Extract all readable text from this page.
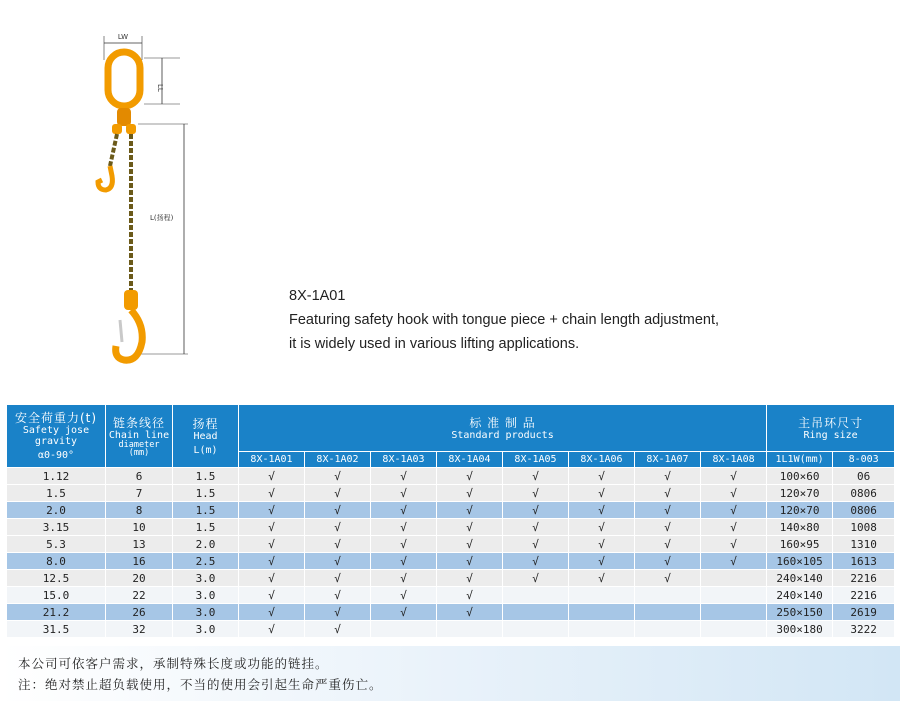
LW
LL
L(扬程)
8X-1A01
Featuring safety hook with tongue piece + chain length adjustment,
it is widely used in various lifting applications.
安全荷重力(t)
Safety jose gravity
α0-90°	链条线径
Chain line
diameter
(mm)	扬程
Head
L(m)	标 准 制 品
Standard products								主吊环尺寸
Ring size	

			8X-1A01	8X-1A02	8X-1A03	8X-1A04	8X-1A05	8X-1A06	8X-1A07	8X-1A08	1L1W(mm)	8-003
1.12	6	1.5	√	√	√	√	√	√	√	√	100×60	06
1.5	7	1.5	√	√	√	√	√	√	√	√	120×70	0806
2.0	8	1.5	√	√	√	√	√	√	√	√	120×70	0806
3.15	10	1.5	√	√	√	√	√	√	√	√	140×80	1008
5.3	13	2.0	√	√	√	√	√	√	√	√	160×95	1310
8.0	16	2.5	√	√	√	√	√	√	√	√	160×105	1613
12.5	20	3.0	√	√	√	√	√	√	√		240×140	2216
15.0	22	3.0	√	√	√	√					240×140	2216
21.2	26	3.0	√	√	√	√					250×150	2619
31.5	32	3.0	√	√							300×180	3222
本公司可依客户需求，承制特殊长度或功能的链挂。
注：绝对禁止超负载使用，不当的使用会引起生命严重伤亡。
